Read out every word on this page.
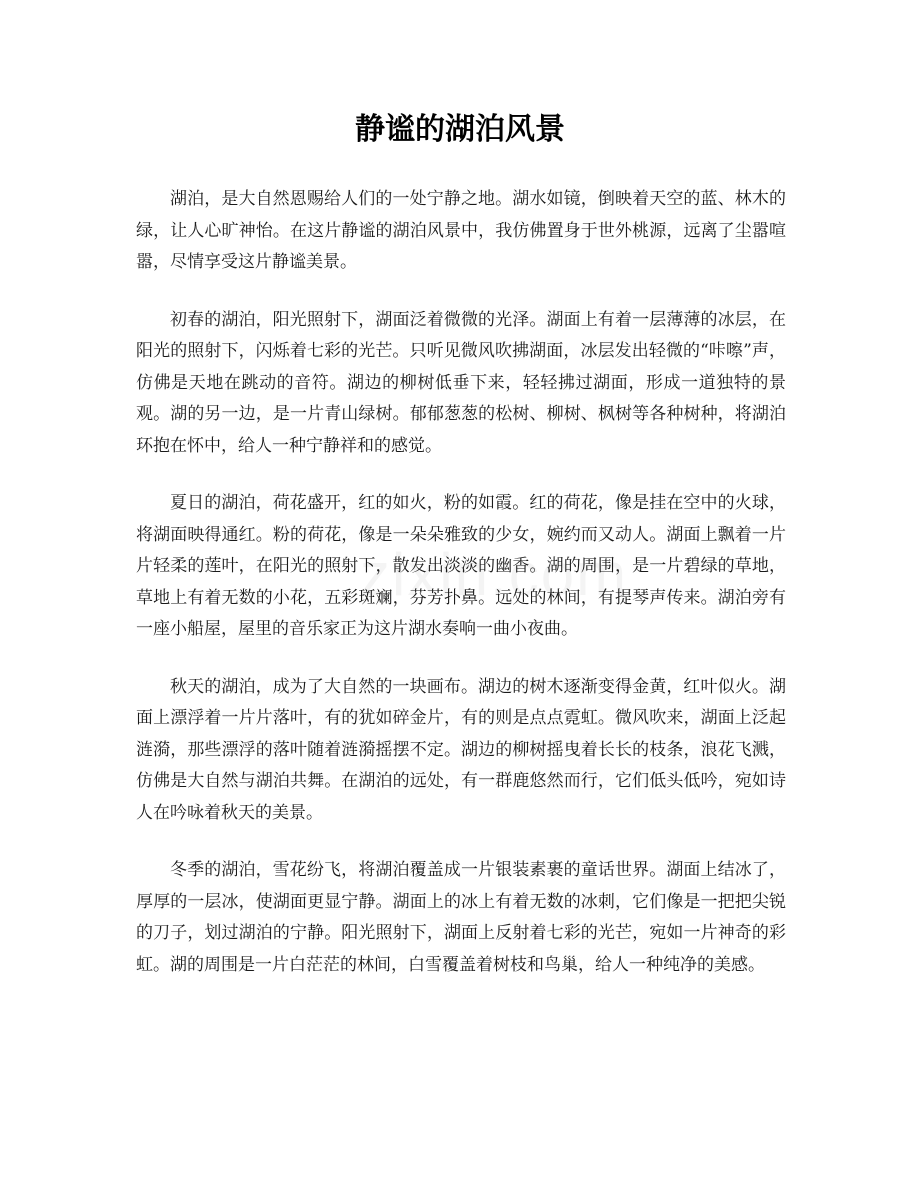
静谧的湖泊风景

湖泊，是大自然恩赐给人们的一处宁静之地。湖水如镜，倒映着天空的蓝、林木的绿，让人心旷神怡。在这片静谧的湖泊风景中，我仿佛置身于世外桃源，远离了尘嚣喧嚣，尽情享受这片静谧美景。

初春的湖泊，阳光照射下，湖面泛着微微的光泽。湖面上有着一层薄薄的冰层，在阳光的照射下，闪烁着七彩的光芒。只听见微风吹拂湖面，冰层发出轻微的“咔嚓”声，仿佛是天地在跳动的音符。湖边的柳树低垂下来，轻轻拂过湖面，形成一道独特的景观。湖的另一边，是一片青山绿树。郁郁葱葱的松树、柳树、枫树等各种树种，将湖泊环抱在怀中，给人一种宁静祥和的感觉。

夏日的湖泊，荷花盛开，红的如火，粉的如霞。红的荷花，像是挂在空中的火球，将湖面映得通红。粉的荷花，像是一朵朵雅致的少女，婉约而又动人。湖面上飘着一片片轻柔的莲叶，在阳光的照射下，散发出淡淡的幽香。湖的周围，是一片碧绿的草地，草地上有着无数的小花，五彩斑斓，芬芳扑鼻。远处的林间，有提琴声传来。湖泊旁有一座小船屋，屋里的音乐家正为这片湖水奏响一曲小夜曲。

秋天的湖泊，成为了大自然的一块画布。湖边的树木逐渐变得金黄，红叶似火。湖面上漂浮着一片片落叶，有的犹如碎金片，有的则是点点霓虹。微风吹来，湖面上泛起涟漪，那些漂浮的落叶随着涟漪摇摆不定。湖边的柳树摇曳着长长的枝条，浪花飞溅，仿佛是大自然与湖泊共舞。在湖泊的远处，有一群鹿悠然而行，它们低头低吟，宛如诗人在吟咏着秋天的美景。

冬季的湖泊，雪花纷飞，将湖泊覆盖成一片银装素裹的童话世界。湖面上结冰了，厚厚的一层冰，使湖面更显宁静。湖面上的冰上有着无数的冰刺，它们像是一把把尖锐的刀子，划过湖泊的宁静。阳光照射下，湖面上反射着七彩的光芒，宛如一片神奇的彩虹。湖的周围是一片白茫茫的林间，白雪覆盖着树枝和鸟巢，给人一种纯净的美感。
